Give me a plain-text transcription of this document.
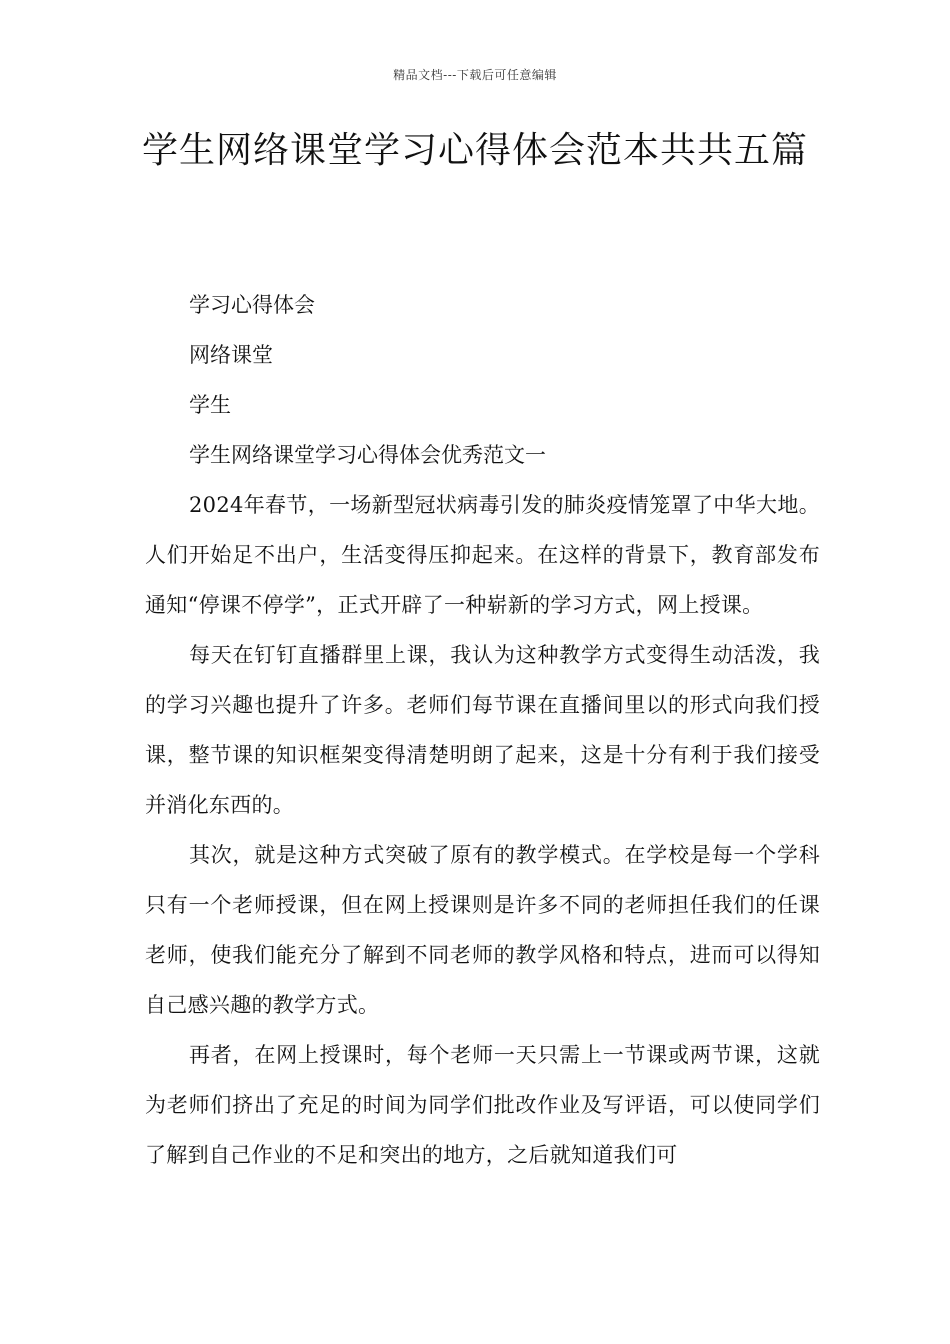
精品文档---下载后可任意编辑
学生网络课堂学习心得体会范本共共五篇

学习心得体会

网络课堂

学生

学生网络课堂学习心得体会优秀范文一

2024年春节，一场新型冠状病毒引发的肺炎疫情笼罩了中华大地。人们开始足不出户，生活变得压抑起来。在这样的背景下，教育部发布通知“停课不停学”，正式开辟了一种崭新的学习方式，网上授课。

每天在钉钉直播群里上课，我认为这种教学方式变得生动活泼，我的学习兴趣也提升了许多。老师们每节课在直播间里以的形式向我们授课，整节课的知识框架变得清楚明朗了起来，这是十分有利于我们接受并消化东西的。

其次，就是这种方式突破了原有的教学模式。在学校是每一个学科只有一个老师授课，但在网上授课则是许多不同的老师担任我们的任课老师，使我们能充分了解到不同老师的教学风格和特点，进而可以得知自己感兴趣的教学方式。

再者，在网上授课时，每个老师一天只需上一节课或两节课，这就为老师们挤出了充足的时间为同学们批改作业及写评语，可以使同学们了解到自己作业的不足和突出的地方，之后就知道我们可
